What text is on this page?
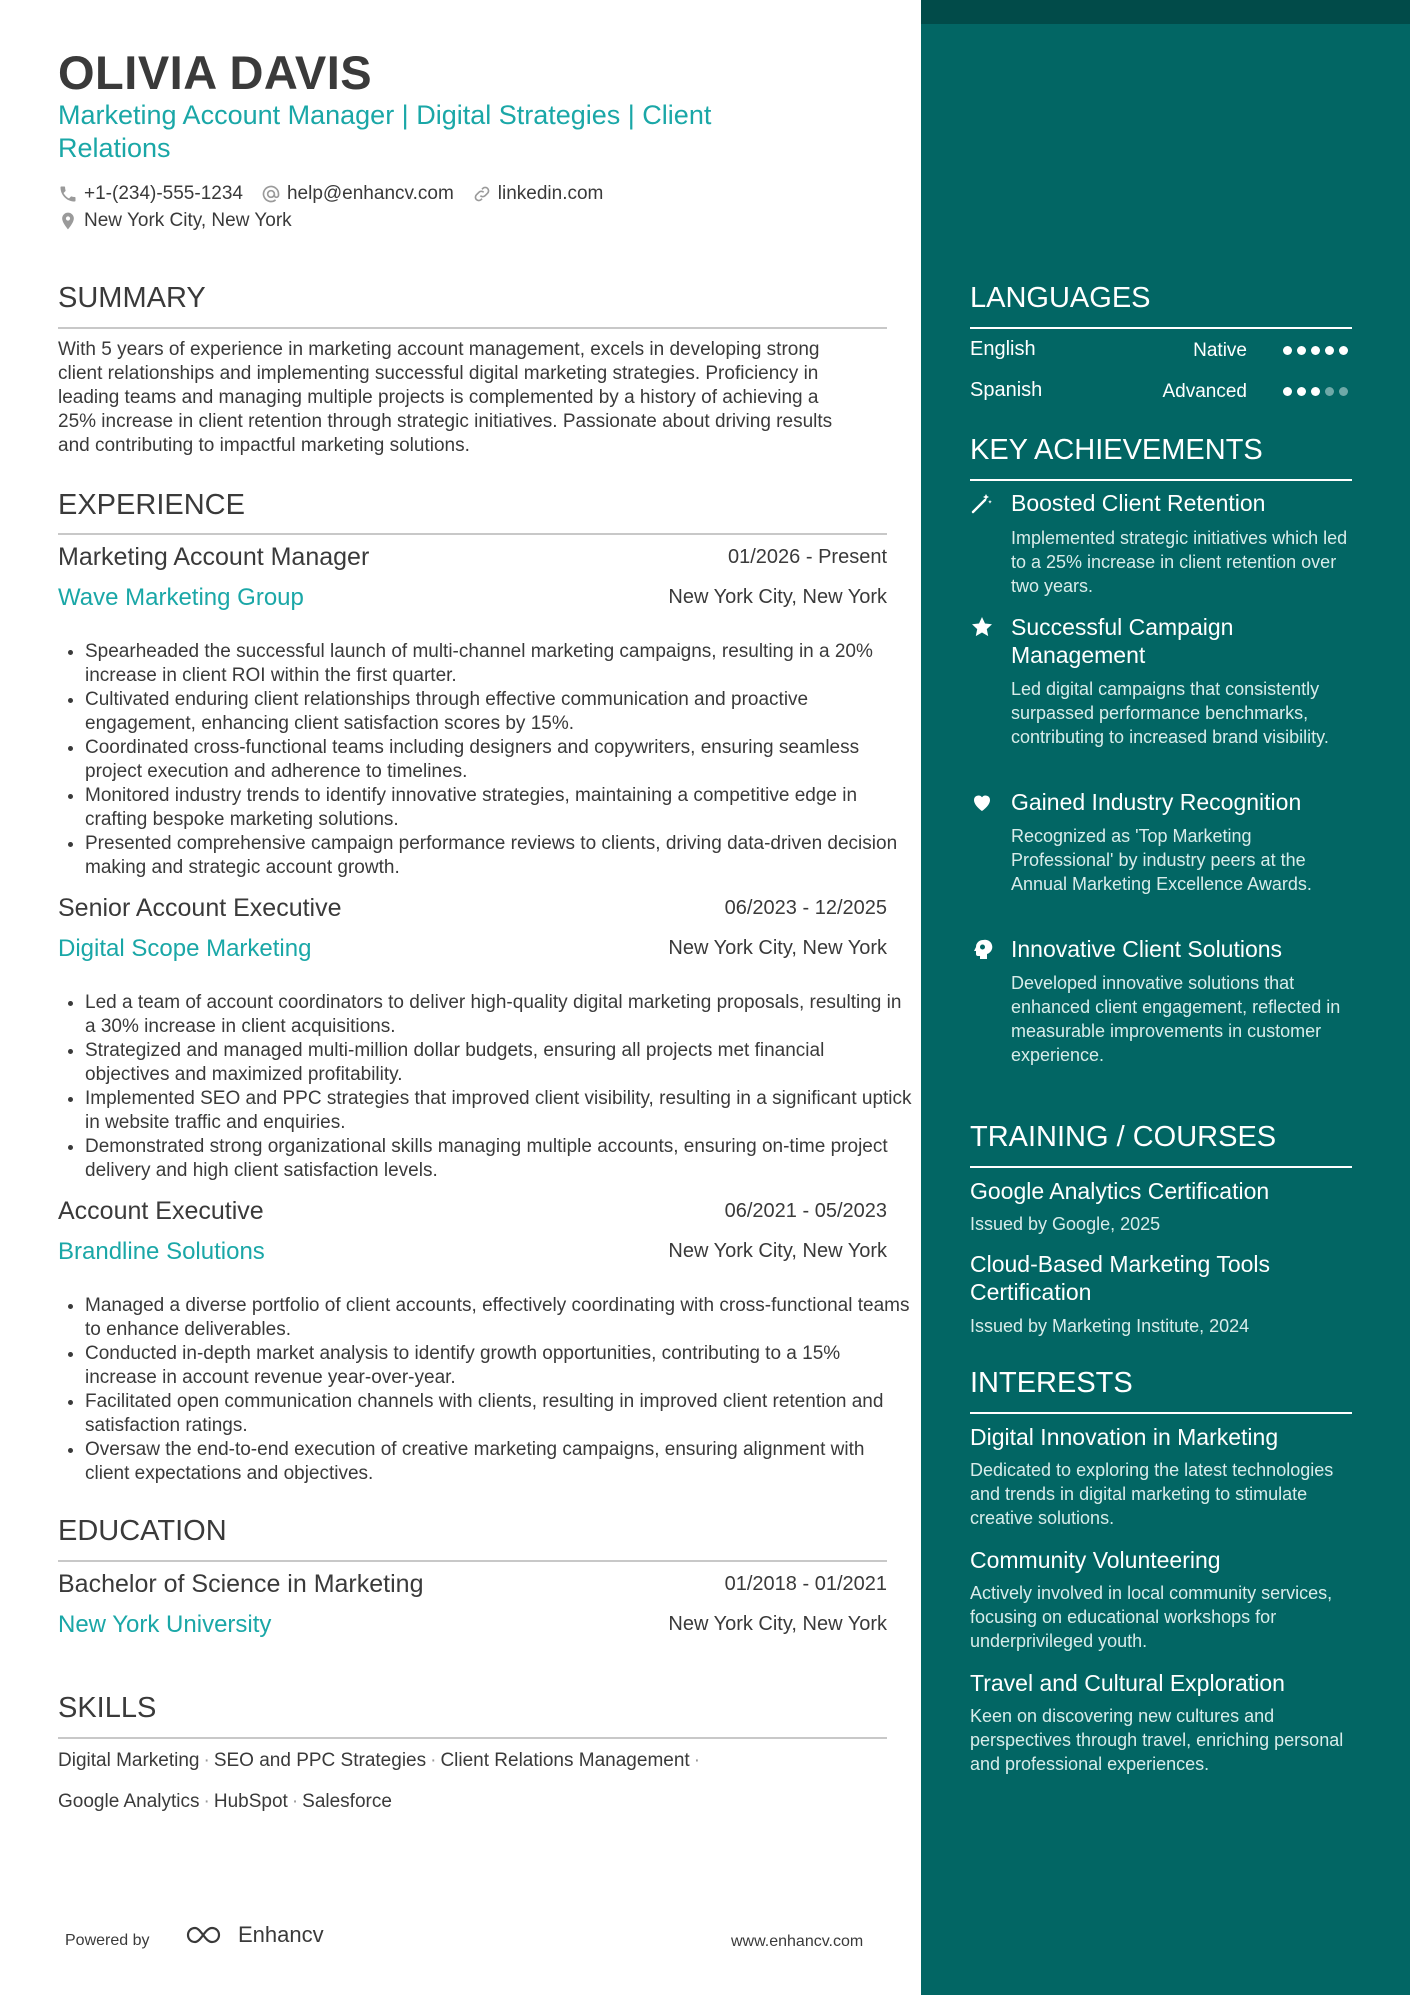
OLIVIA DAVIS
Marketing Account Manager | Digital Strategies | Client Relations
+1-(234)-555-1234 help@enhancv.com linkedin.com
New York City, New York
SUMMARY
With 5 years of experience in marketing account management, excels in developing strong client relationships and implementing successful digital marketing strategies. Proficiency in leading teams and managing multiple projects is complemented by a history of achieving a 25% increase in client retention through strategic initiatives. Passionate about driving results and contributing to impactful marketing solutions.
EXPERIENCE
Marketing Account Manager	01/2026 - Present
Wave Marketing Group	New York City, New York
• Spearheaded the successful launch of multi-channel marketing campaigns, resulting in a 20% increase in client ROI within the first quarter.
• Cultivated enduring client relationships through effective communication and proactive engagement, enhancing client satisfaction scores by 15%.
• Coordinated cross-functional teams including designers and copywriters, ensuring seamless project execution and adherence to timelines.
• Monitored industry trends to identify innovative strategies, maintaining a competitive edge in crafting bespoke marketing solutions.
• Presented comprehensive campaign performance reviews to clients, driving data-driven decision making and strategic account growth.
Senior Account Executive	06/2023 - 12/2025
Digital Scope Marketing	New York City, New York
• Led a team of account coordinators to deliver high-quality digital marketing proposals, resulting in a 30% increase in client acquisitions.
• Strategized and managed multi-million dollar budgets, ensuring all projects met financial objectives and maximized profitability.
• Implemented SEO and PPC strategies that improved client visibility, resulting in a significant uptick in website traffic and enquiries.
• Demonstrated strong organizational skills managing multiple accounts, ensuring on-time project delivery and high client satisfaction levels.
Account Executive	06/2021 - 05/2023
Brandline Solutions	New York City, New York
• Managed a diverse portfolio of client accounts, effectively coordinating with cross-functional teams to enhance deliverables.
• Conducted in-depth market analysis to identify growth opportunities, contributing to a 15% increase in account revenue year-over-year.
• Facilitated open communication channels with clients, resulting in improved client retention and satisfaction ratings.
• Oversaw the end-to-end execution of creative marketing campaigns, ensuring alignment with client expectations and objectives.
EDUCATION
Bachelor of Science in Marketing	01/2018 - 01/2021
New York University	New York City, New York
SKILLS
Digital Marketing · SEO and PPC Strategies · Client Relations Management ·
Google Analytics · HubSpot · Salesforce
Powered by	Enhancv	www.enhancv.com
LANGUAGES
English	Native
Spanish	Advanced
KEY ACHIEVEMENTS
Boosted Client Retention
Implemented strategic initiatives which led to a 25% increase in client retention over two years.
Successful Campaign Management
Led digital campaigns that consistently surpassed performance benchmarks, contributing to increased brand visibility.
Gained Industry Recognition
Recognized as 'Top Marketing Professional' by industry peers at the Annual Marketing Excellence Awards.
Innovative Client Solutions
Developed innovative solutions that enhanced client engagement, reflected in measurable improvements in customer experience.
TRAINING / COURSES
Google Analytics Certification
Issued by Google, 2025
Cloud-Based Marketing Tools Certification
Issued by Marketing Institute, 2024
INTERESTS
Digital Innovation in Marketing
Dedicated to exploring the latest technologies and trends in digital marketing to stimulate creative solutions.
Community Volunteering
Actively involved in local community services, focusing on educational workshops for underprivileged youth.
Travel and Cultural Exploration
Keen on discovering new cultures and perspectives through travel, enriching personal and professional experiences.
